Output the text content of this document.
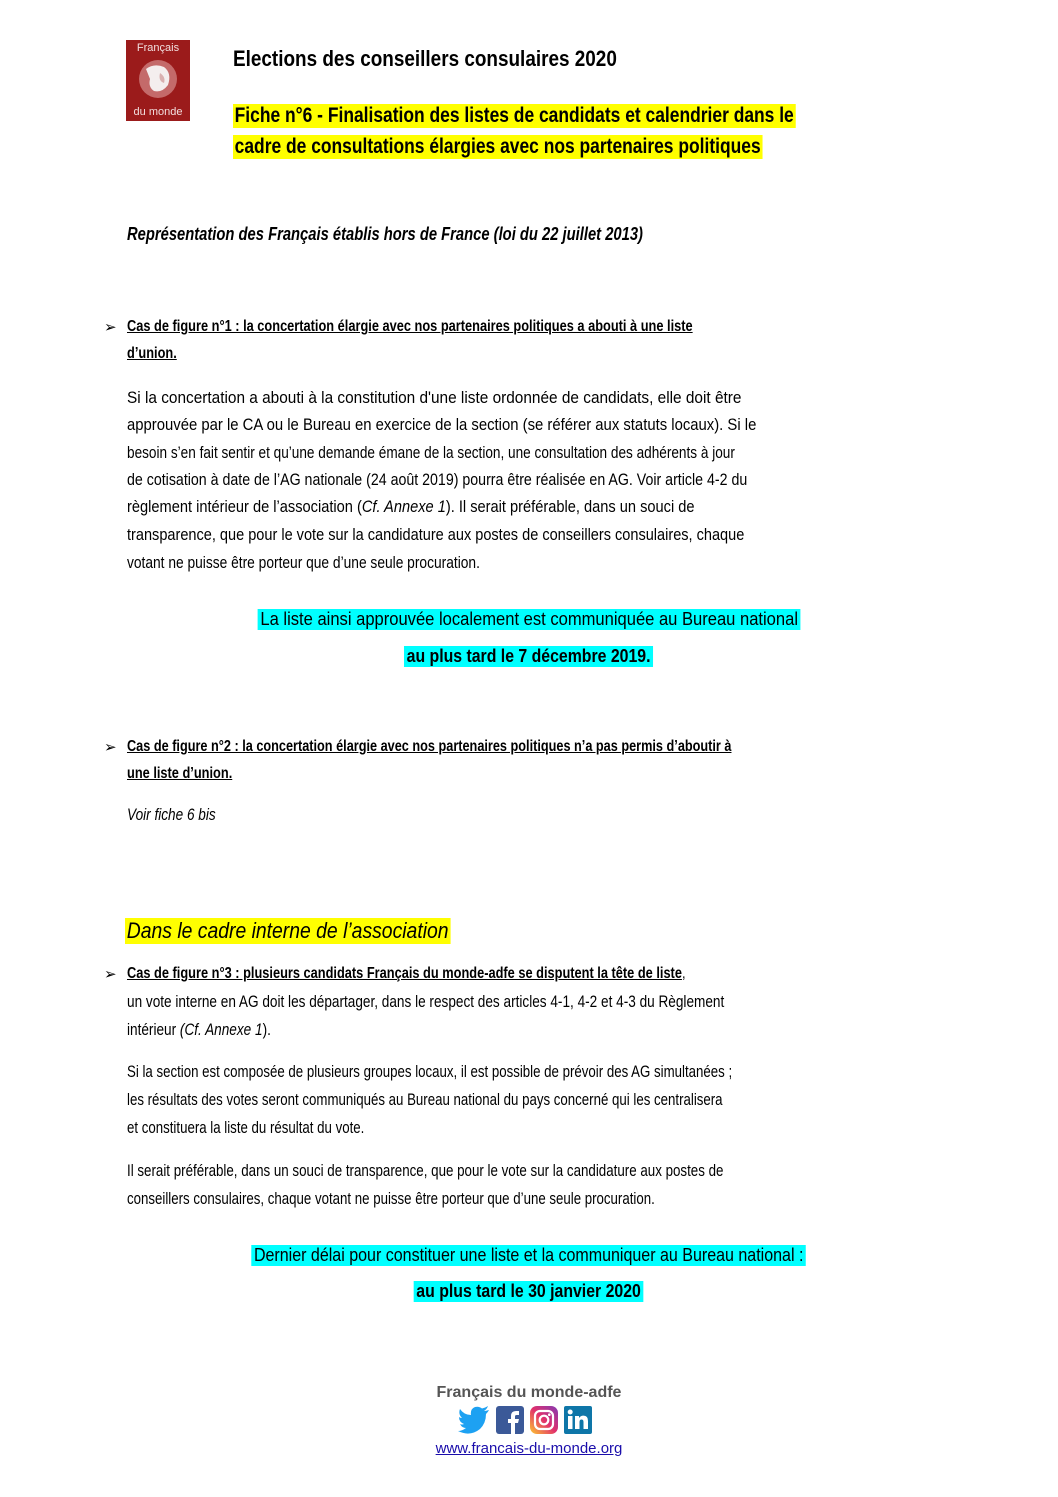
Français
du monde
Elections des conseillers consulaires 2020
Fiche n°6 - Finalisation des listes de candidats et calendrier dans le
cadre de consultations élargies avec nos partenaires politiques
Représentation des Français établis hors de France (loi du 22 juillet 2013)
➢ Cas de figure n°1 : la concertation élargie avec nos partenaires politiques a abouti à une liste
d’union.
Si la concertation a abouti à la constitution d'une liste ordonnée de candidats, elle doit être
approuvée par le CA ou le Bureau en exercice de la section (se référer aux statuts locaux). Si le
besoin s’en fait sentir et qu’une demande émane de la section, une consultation des adhérents à jour
de cotisation à date de l’AG nationale (24 août 2019) pourra être réalisée en AG. Voir article 4-2 du
règlement intérieur de l’association (Cf. Annexe 1). Il serait préférable, dans un souci de
transparence, que pour le vote sur la candidature aux postes de conseillers consulaires, chaque
votant ne puisse être porteur que d’une seule procuration.
La liste ainsi approuvée localement est communiquée au Bureau national
au plus tard le 7 décembre 2019.
➢ Cas de figure n°2 : la concertation élargie avec nos partenaires politiques n’a pas permis d’aboutir à
une liste d’union.
Voir fiche 6 bis
Dans le cadre interne de l’association
➢ Cas de figure n°3 : plusieurs candidats Français du monde-adfe se disputent la tête de liste,
un vote interne en AG doit les départager, dans le respect des articles 4-1, 4-2 et 4-3 du Règlement
intérieur (Cf. Annexe 1).
Si la section est composée de plusieurs groupes locaux, il est possible de prévoir des AG simultanées ;
les résultats des votes seront communiqués au Bureau national du pays concerné qui les centralisera
et constituera la liste du résultat du vote.
Il serait préférable, dans un souci de transparence, que pour le vote sur la candidature aux postes de
conseillers consulaires, chaque votant ne puisse être porteur que d’une seule procuration.
Dernier délai pour constituer une liste et la communiquer au Bureau national :
au plus tard le 30 janvier 2020
Français du monde-adfe
www.francais-du-monde.org
